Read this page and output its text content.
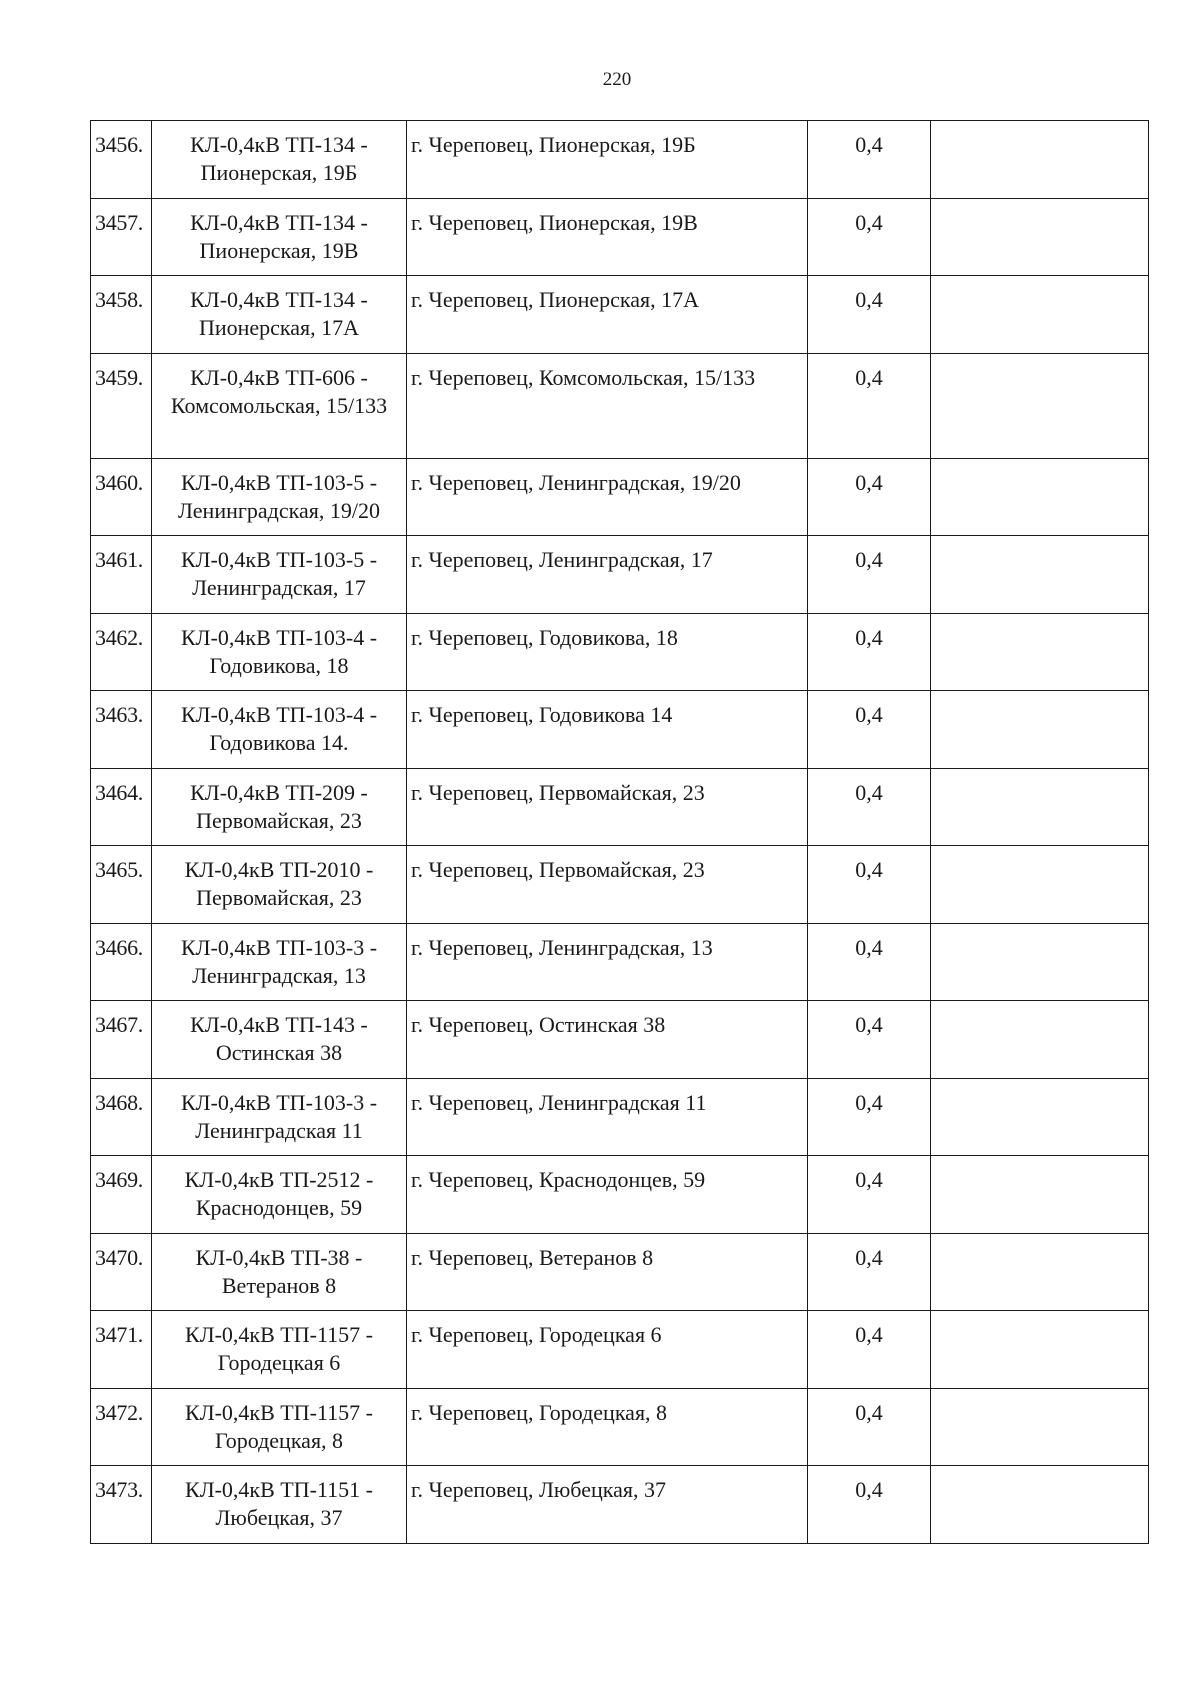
220
3456.	КЛ-0,4кВ ТП-134 - Пионерская, 19Б	г. Череповец, Пионерская, 19Б	0,4	
3457.	КЛ-0,4кВ ТП-134 - Пионерская, 19В	г. Череповец, Пионерская, 19В	0,4	
3458.	КЛ-0,4кВ ТП-134 - Пионерская, 17А	г. Череповец, Пионерская, 17А	0,4	
3459.	КЛ-0,4кВ ТП-606 - Комсомольская, 15/133	г. Череповец, Комсомольская, 15/133	0,4	
3460.	КЛ-0,4кВ ТП-103-5 - Ленинградская, 19/20	г. Череповец, Ленинградская, 19/20	0,4	
3461.	КЛ-0,4кВ ТП-103-5 - Ленинградская, 17	г. Череповец, Ленинградская, 17	0,4	
3462.	КЛ-0,4кВ ТП-103-4 - Годовикова, 18	г. Череповец, Годовикова, 18	0,4	
3463.	КЛ-0,4кВ ТП-103-4 - Годовикова 14.	г. Череповец, Годовикова 14	0,4	
3464.	КЛ-0,4кВ ТП-209 - Первомайская, 23	г. Череповец, Первомайская, 23	0,4	
3465.	КЛ-0,4кВ ТП-2010 - Первомайская, 23	г. Череповец, Первомайская, 23	0,4	
3466.	КЛ-0,4кВ ТП-103-3 - Ленинградская, 13	г. Череповец, Ленинградская, 13	0,4	
3467.	КЛ-0,4кВ ТП-143 - Остинская 38	г. Череповец, Остинская 38	0,4	
3468.	КЛ-0,4кВ ТП-103-3 - Ленинградская 11	г. Череповец, Ленинградская 11	0,4	
3469.	КЛ-0,4кВ ТП-2512 - Краснодонцев, 59	г. Череповец, Краснодонцев, 59	0,4	
3470.	КЛ-0,4кВ ТП-38 - Ветеранов 8	г. Череповец, Ветеранов 8	0,4	
3471.	КЛ-0,4кВ ТП-1157 - Городецкая 6	г. Череповец, Городецкая 6	0,4	
3472.	КЛ-0,4кВ ТП-1157 - Городецкая, 8	г. Череповец, Городецкая, 8	0,4	
3473.	КЛ-0,4кВ ТП-1151 - Любецкая, 37	г. Череповец, Любецкая, 37	0,4	
